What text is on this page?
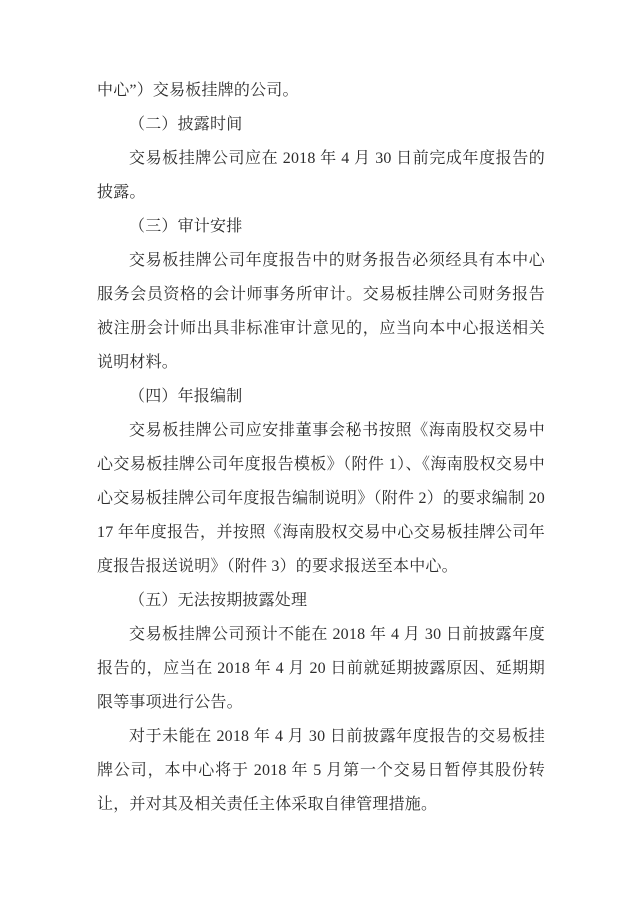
中心”）交易板挂牌的公司。

（二）披露时间

交易板挂牌公司应在 2018 年 4 月 30 日前完成年度报告的披露。

（三）审计安排

交易板挂牌公司年度报告中的财务报告必须经具有本中心服务会员资格的会计师事务所审计。交易板挂牌公司财务报告被注册会计师出具非标准审计意见的，应当向本中心报送相关说明材料。

（四）年报编制

交易板挂牌公司应安排董事会秘书按照《海南股权交易中心交易板挂牌公司年度报告模板》（附件 1）、《海南股权交易中心交易板挂牌公司年度报告编制说明》（附件 2）的要求编制 2017 年年度报告，并按照《海南股权交易中心交易板挂牌公司年度报告报送说明》（附件 3）的要求报送至本中心。

（五）无法按期披露处理

交易板挂牌公司预计不能在 2018 年 4 月 30 日前披露年度报告的，应当在 2018 年 4 月 20 日前就延期披露原因、延期期限等事项进行公告。

对于未能在 2018 年 4 月 30 日前披露年度报告的交易板挂牌公司，本中心将于 2018 年 5 月第一个交易日暂停其股份转让，并对其及相关责任主体采取自律管理措施。
